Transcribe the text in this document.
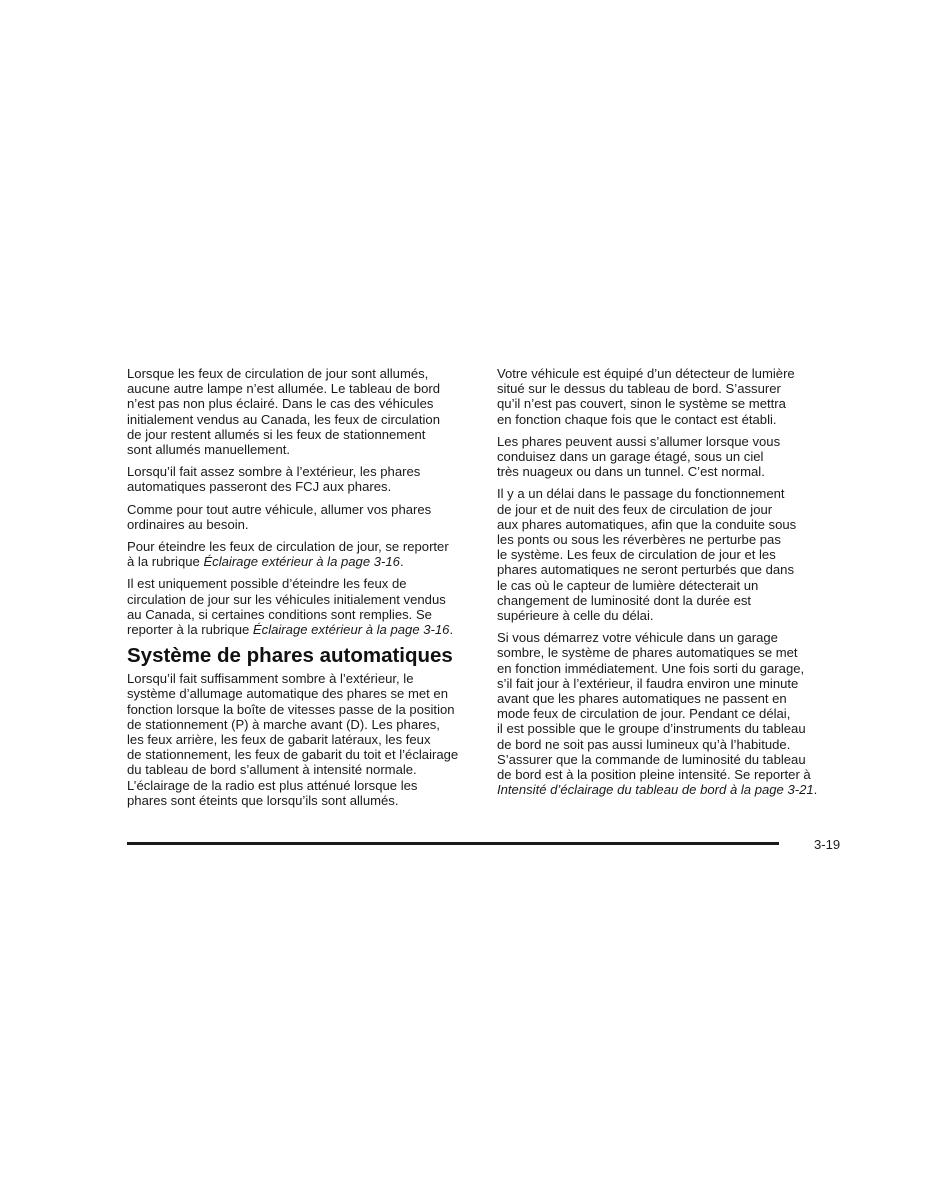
Lorsque les feux de circulation de jour sont allumés,
aucune autre lampe n’est allumée. Le tableau de bord
n’est pas non plus éclairé. Dans le cas des véhicules
initialement vendus au Canada, les feux de circulation
de jour restent allumés si les feux de stationnement
sont allumés manuellement.

Lorsqu’il fait assez sombre à l’extérieur, les phares
automatiques passeront des FCJ aux phares.

Comme pour tout autre véhicule, allumer vos phares
ordinaires au besoin.

Pour éteindre les feux de circulation de jour, se reporter
à la rubrique Éclairage extérieur à la page 3-16.

Il est uniquement possible d’éteindre les feux de
circulation de jour sur les véhicules initialement vendus
au Canada, si certaines conditions sont remplies. Se
reporter à la rubrique Éclairage extérieur à la page 3-16.

Système de phares automatiques

Lorsqu’il fait suffisamment sombre à l’extérieur, le
système d’allumage automatique des phares se met en
fonction lorsque la boîte de vitesses passe de la position
de stationnement (P) à marche avant (D). Les phares,
les feux arrière, les feux de gabarit latéraux, les feux
de stationnement, les feux de gabarit du toit et l’éclairage
du tableau de bord s’allument à intensité normale.
L’éclairage de la radio est plus atténué lorsque les
phares sont éteints que lorsqu’ils sont allumés.

Votre véhicule est équipé d’un détecteur de lumière
situé sur le dessus du tableau de bord. S’assurer
qu’il n’est pas couvert, sinon le système se mettra
en fonction chaque fois que le contact est établi.

Les phares peuvent aussi s’allumer lorsque vous
conduisez dans un garage étagé, sous un ciel
très nuageux ou dans un tunnel. C’est normal.

Il y a un délai dans le passage du fonctionnement
de jour et de nuit des feux de circulation de jour
aux phares automatiques, afin que la conduite sous
les ponts ou sous les réverbères ne perturbe pas
le système. Les feux de circulation de jour et les
phares automatiques ne seront perturbés que dans
le cas où le capteur de lumière détecterait un
changement de luminosité dont la durée est
supérieure à celle du délai.

Si vous démarrez votre véhicule dans un garage
sombre, le système de phares automatiques se met
en fonction immédiatement. Une fois sorti du garage,
s’il fait jour à l’extérieur, il faudra environ une minute
avant que les phares automatiques ne passent en
mode feux de circulation de jour. Pendant ce délai,
il est possible que le groupe d’instruments du tableau
de bord ne soit pas aussi lumineux qu’à l’habitude.
S’assurer que la commande de luminosité du tableau
de bord est à la position pleine intensité. Se reporter à
Intensité d’éclairage du tableau de bord à la page 3-21.

3-19
